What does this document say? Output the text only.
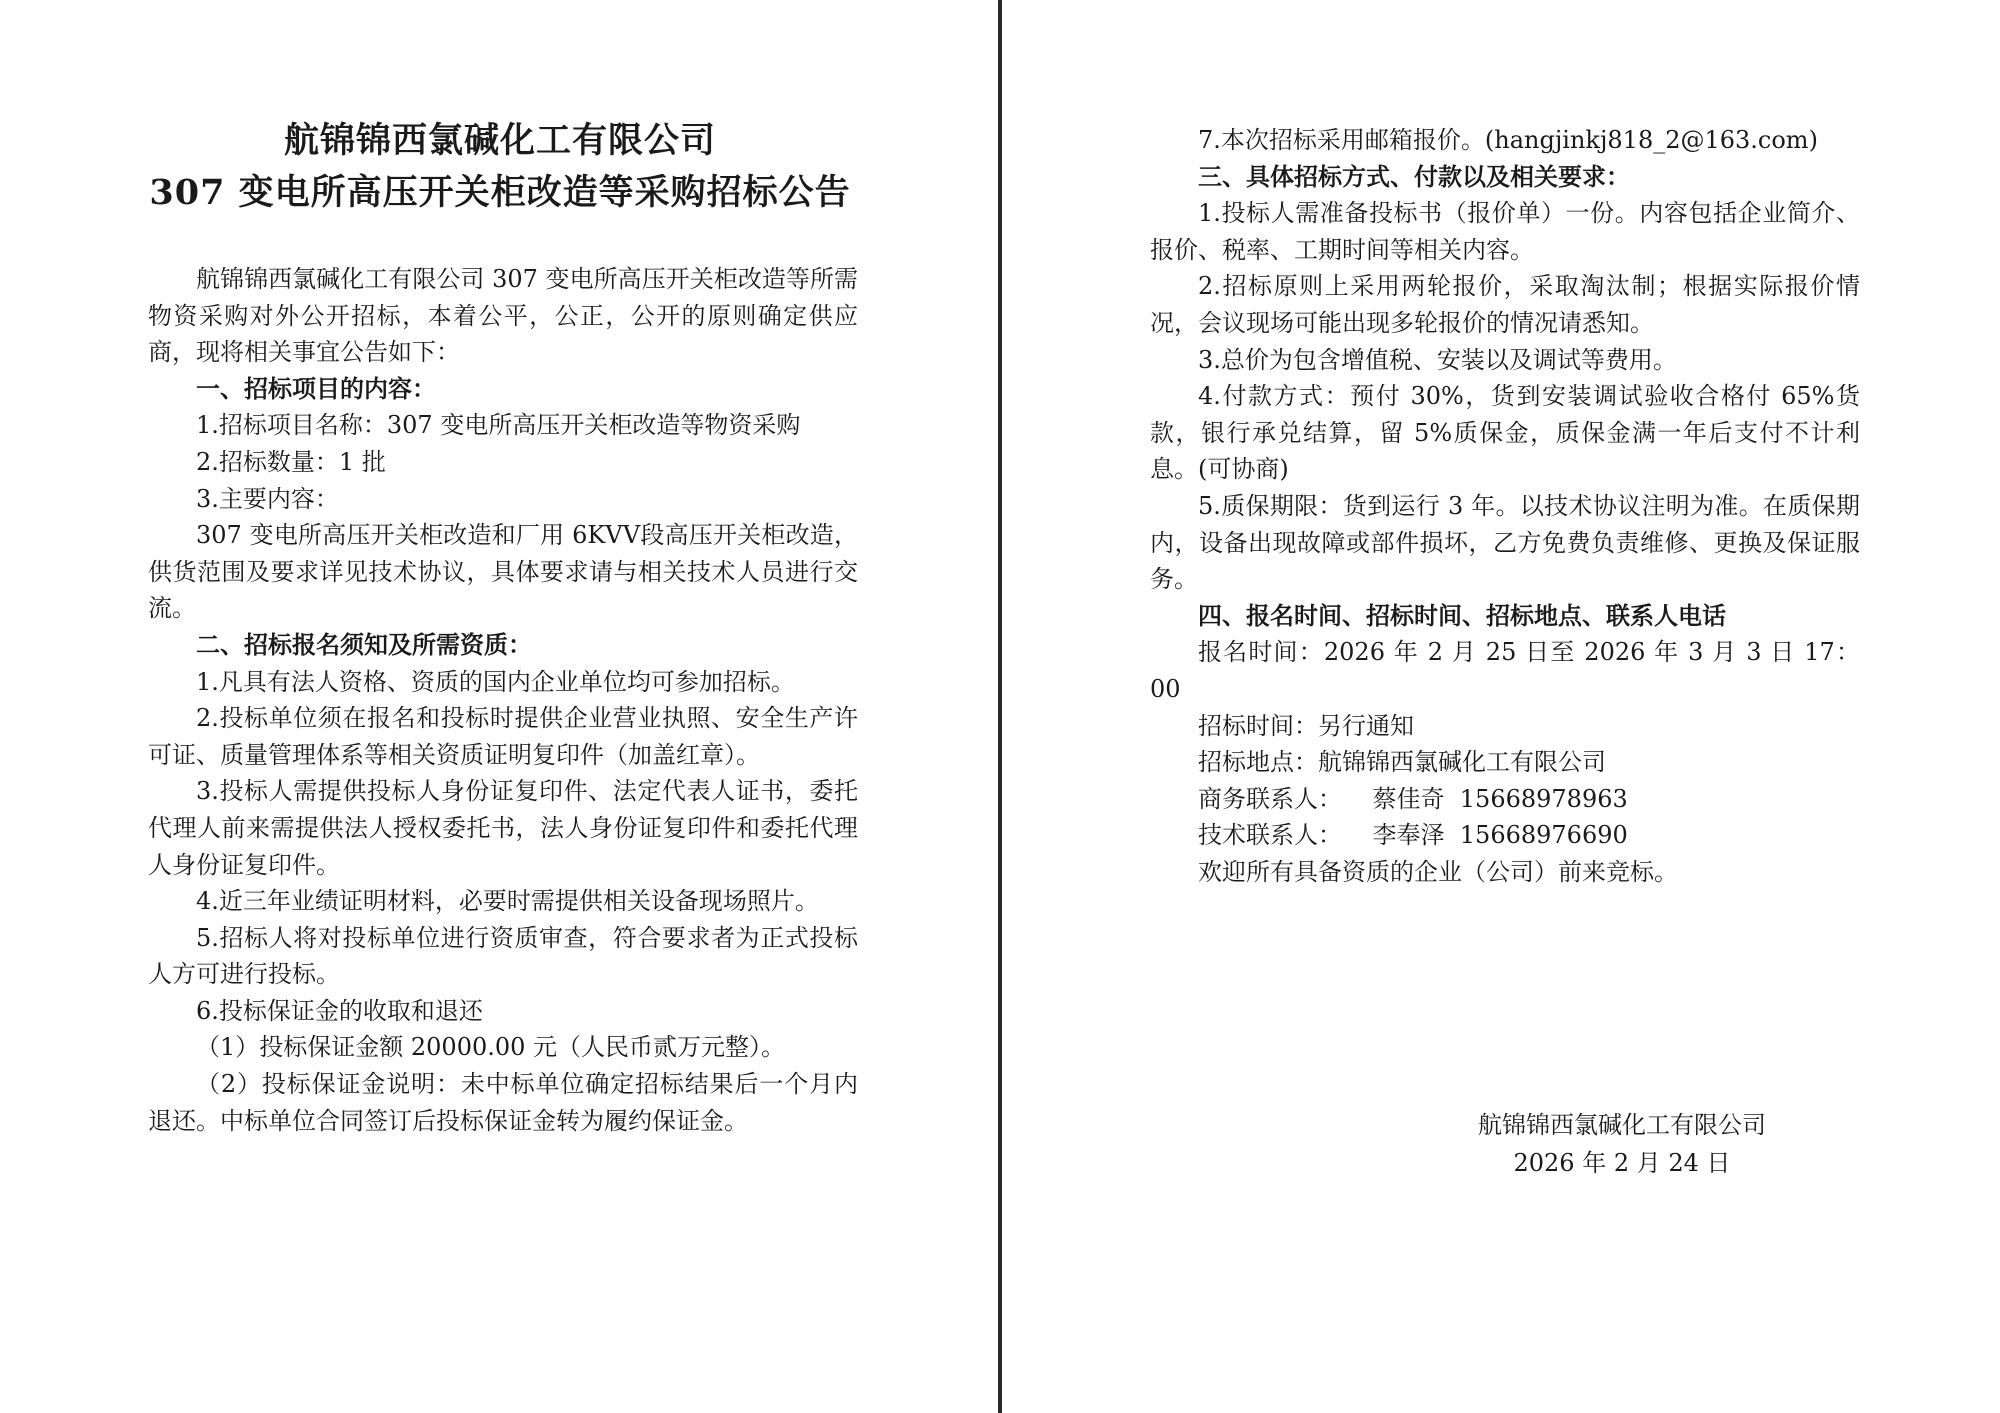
航锦锦西氯碱化工有限公司
307 变电所高压开关柜改造等采购招标公告

航锦锦西氯碱化工有限公司 307 变电所高压开关柜改造等所需物资采购对外公开招标，本着公平，公正，公开的原则确定供应商，现将相关事宜公告如下：

一、招标项目的内容：

1.招标项目名称：307 变电所高压开关柜改造等物资采购

2.招标数量：1 批

3.主要内容：

307 变电所高压开关柜改造和厂用 6KVⅤ段高压开关柜改造，供货范围及要求详见技术协议，具体要求请与相关技术人员进行交流。

二、招标报名须知及所需资质：

1.凡具有法人资格、资质的国内企业单位均可参加招标。

2.投标单位须在报名和投标时提供企业营业执照、安全生产许可证、质量管理体系等相关资质证明复印件（加盖红章）。

3.投标人需提供投标人身份证复印件、法定代表人证书，委托代理人前来需提供法人授权委托书，法人身份证复印件和委托代理人身份证复印件。

4.近三年业绩证明材料，必要时需提供相关设备现场照片。

5.招标人将对投标单位进行资质审查，符合要求者为正式投标人方可进行投标。

6.投标保证金的收取和退还

（1）投标保证金额 20000.00 元（人民币贰万元整）。

（2）投标保证金说明：未中标单位确定招标结果后一个月内退还。中标单位合同签订后投标保证金转为履约保证金。

7.本次招标采用邮箱报价。(hangjinkj818_2@163.com)

三、具体招标方式、付款以及相关要求：

1.投标人需准备投标书（报价单）一份。内容包括企业简介、报价、税率、工期时间等相关内容。

2.招标原则上采用两轮报价，采取淘汰制；根据实际报价情况，会议现场可能出现多轮报价的情况请悉知。

3.总价为包含增值税、安装以及调试等费用。

4.付款方式：预付 30%，货到安装调试验收合格付 65%货款，银行承兑结算，留 5%质保金，质保金满一年后支付不计利息。(可协商)

5.质保期限：货到运行 3 年。以技术协议注明为准。在质保期内，设备出现故障或部件损坏，乙方免费负责维修、更换及保证服务。

四、报名时间、招标时间、招标地点、联系人电话

报名时间：2026 年 2 月 25 日至 2026 年 3 月 3 日 17：00

招标时间：另行通知

招标地点：航锦锦西氯碱化工有限公司

商务联系人： 蔡佳奇 15668978963

技术联系人： 李奉泽 15668976690

欢迎所有具备资质的企业（公司）前来竞标。

航锦锦西氯碱化工有限公司
2026 年 2 月 24 日
